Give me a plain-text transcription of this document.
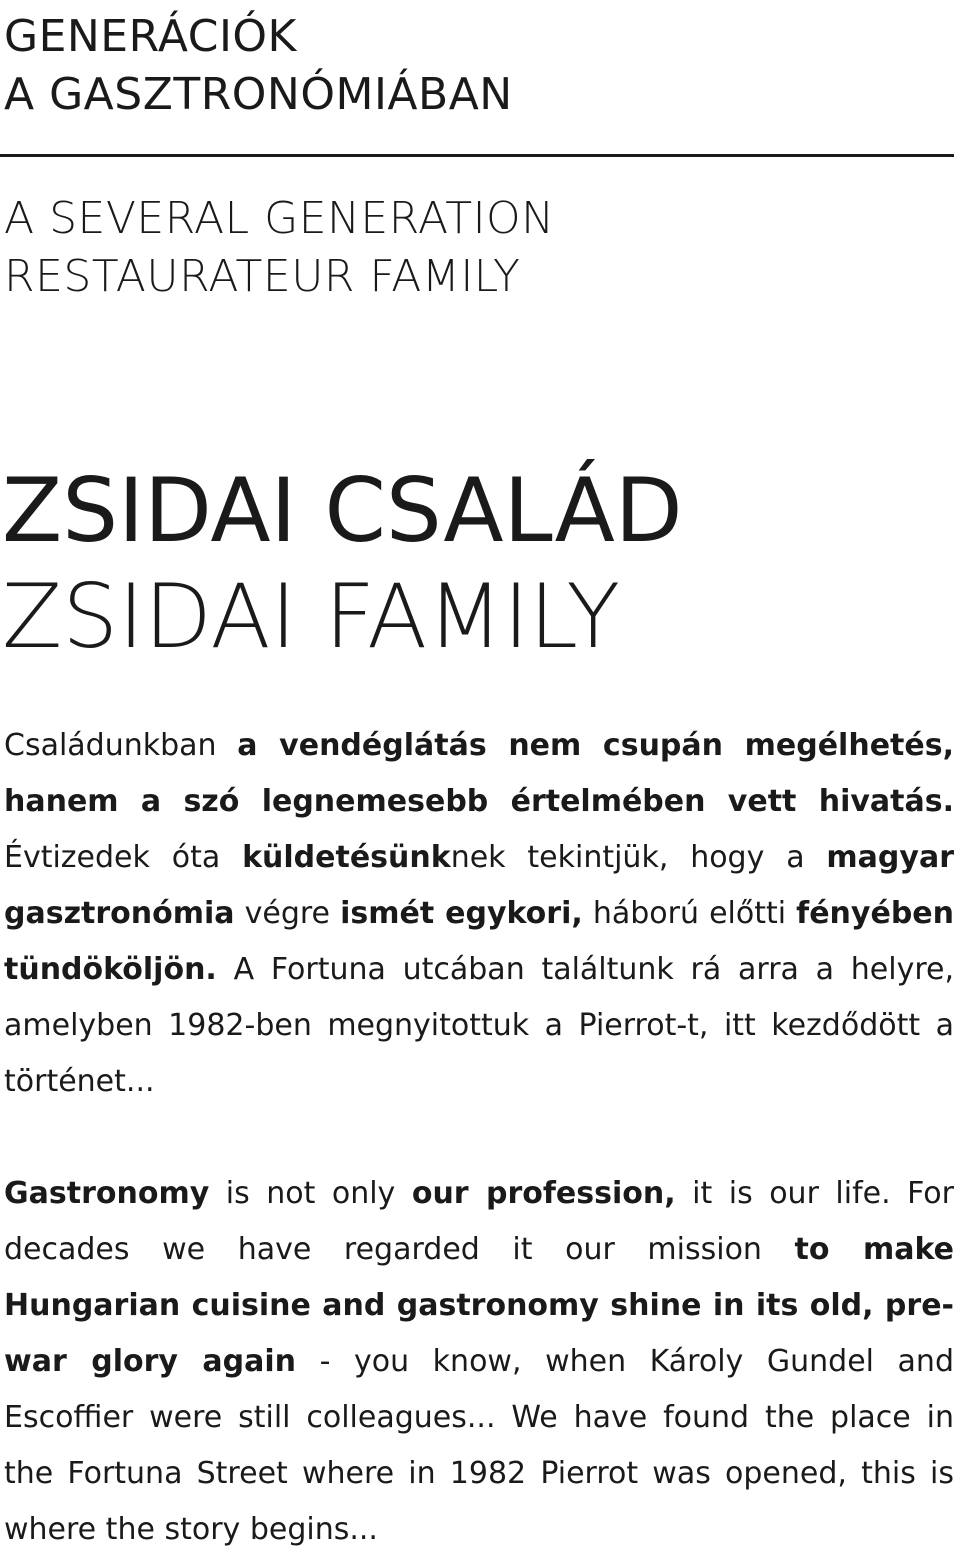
GENERÁCIÓK
A GASZTRONÓMIÁBAN
A SEVERAL GENERATION
RESTAURATEUR FAMILY
ZSIDAI CSALÁD
ZSIDAI FAMILY

Családunkban a vendéglátás nem csupán megélhetés, hanem a szó legnemesebb értelmében vett hivatás. Évtizedek óta küldetésünknek tekintjük, hogy a magyar gasztronómia végre ismét egykori, háború előtti fényében tündököljön. A Fortuna utcában találtunk rá arra a helyre, amelyben 1982-ben megnyitottuk a Pierrot-t, itt kezdődött a történet...

Gastronomy is not only our profession, it is our life. For decades we have regarded it our mission to make Hungarian cuisine and gastronomy shine in its old, pre-war glory again - you know, when Károly Gundel and Escoffier were still colleagues... We have found the place in the Fortuna Street where in 1982 Pierrot was opened, this is where the story begins...
